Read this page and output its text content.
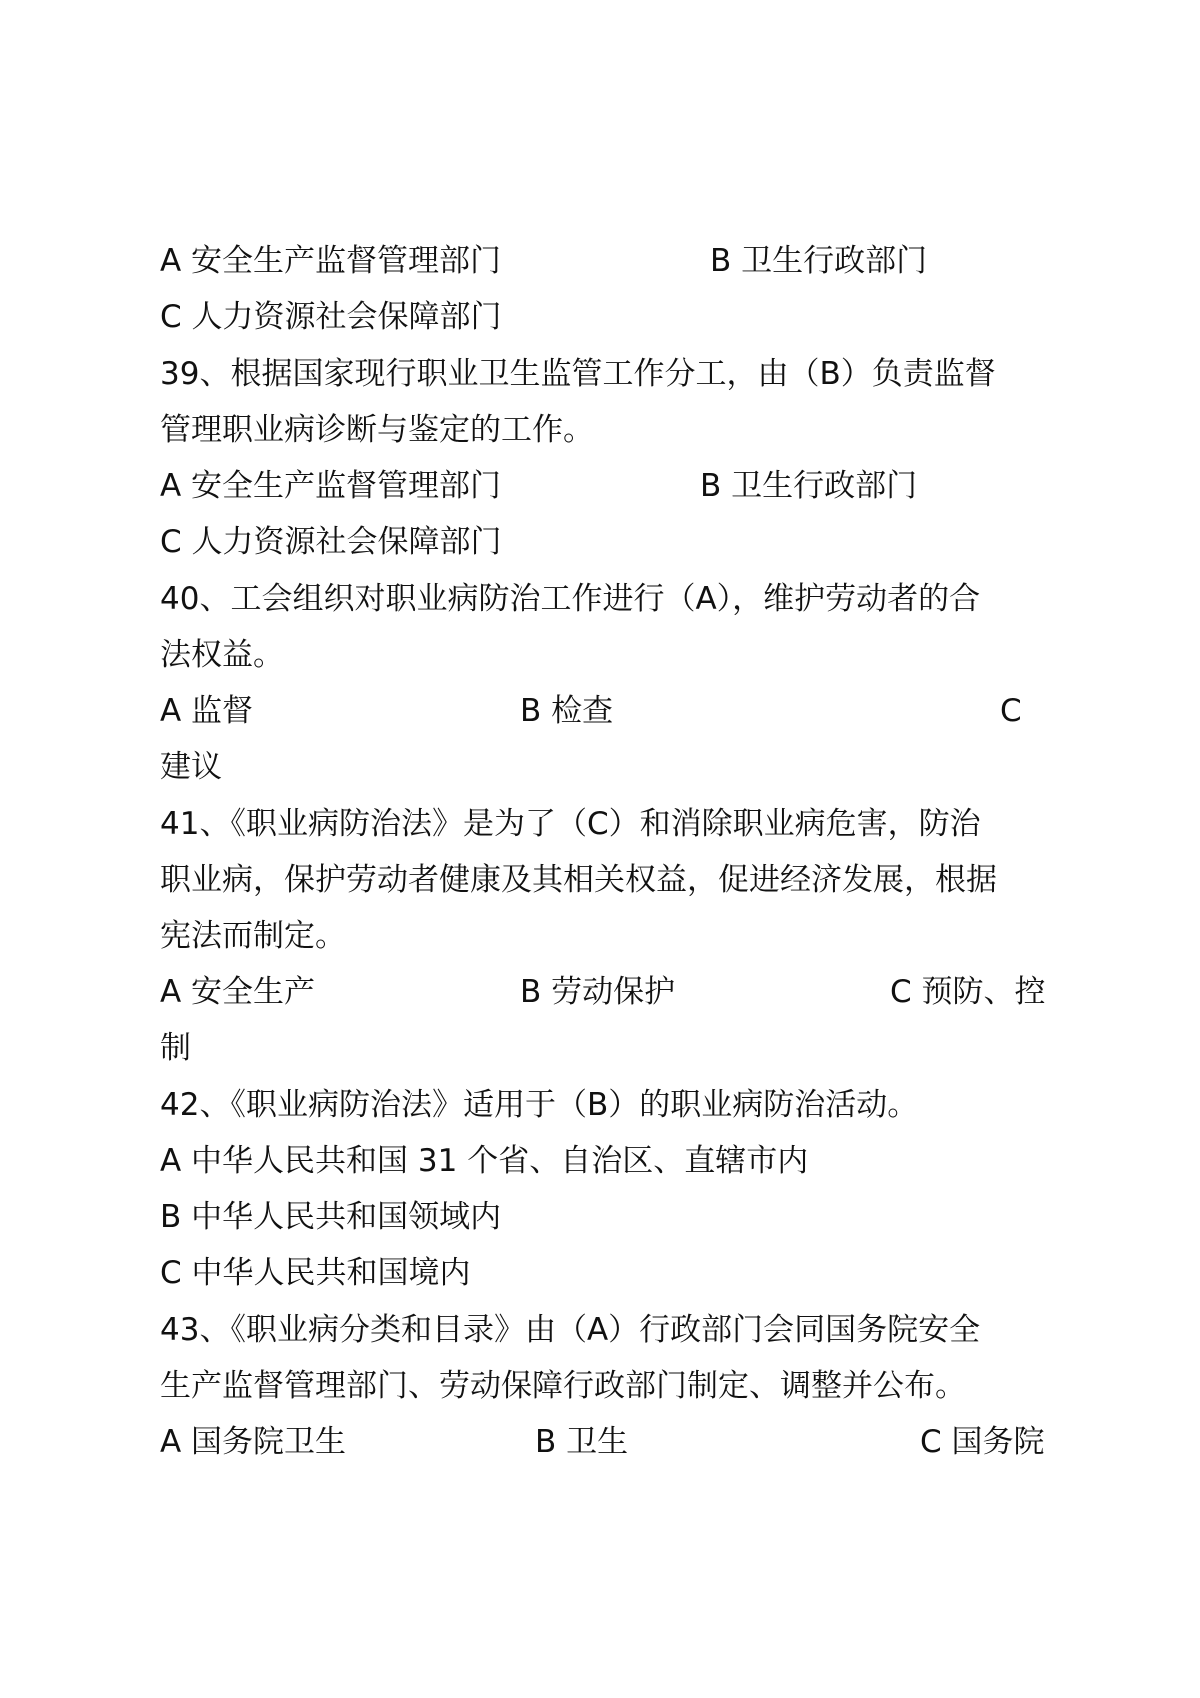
A 安全生产监督管理部门	B 卫生行政部门
C 人力资源社会保障部门
39、根据国家现行职业卫生监管工作分工，由（B）负责监督
管理职业病诊断与鉴定的工作。
A 安全生产监督管理部门	B 卫生行政部门
C 人力资源社会保障部门
40、工会组织对职业病防治工作进行（A），维护劳动者的合
法权益。
A 监督	B 检查	C
建议
41、《职业病防治法》是为了（C）和消除职业病危害，防治
职业病，保护劳动者健康及其相关权益，促进经济发展，根据
宪法而制定。
A 安全生产	B 劳动保护	C 预防、控
制
42、《职业病防治法》适用于（B）的职业病防治活动。
A 中华人民共和国 31 个省、自治区、直辖市内
B 中华人民共和国领域内
C 中华人民共和国境内
43、《职业病分类和目录》由（A）行政部门会同国务院安全
生产监督管理部门、劳动保障行政部门制定、调整并公布。
A 国务院卫生	B 卫生	C 国务院
